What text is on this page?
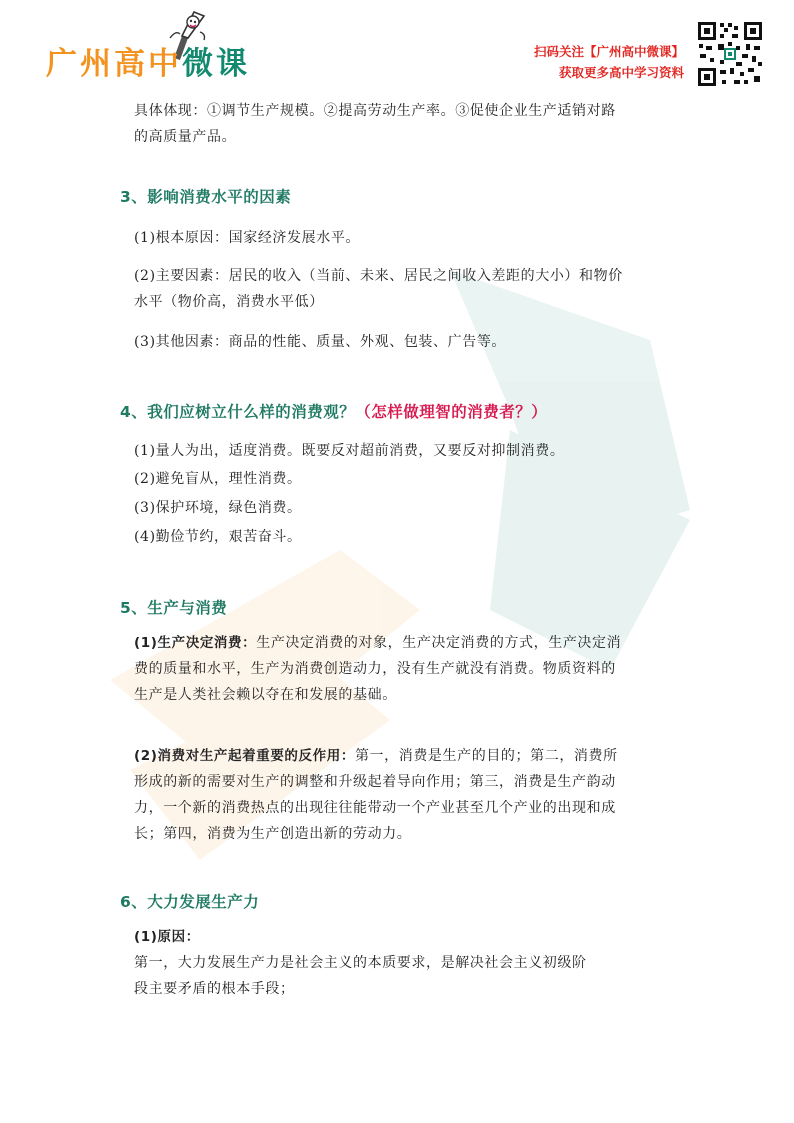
广州高中微课	扫码关注【广州高中微课】
获取更多高中学习资料
具体体现：①调节生产规模。②提高劳动生产率。③促使企业生产适销对路
的高质量产品。
3、影响消费水平的因素
(1)根本原因：国家经济发展水平。
(2)主要因素：居民的收入（当前、未来、居民之间收入差距的大小）和物价
水平（物价高，消费水平低）
(3)其他因素：商品的性能、质量、外观、包装、广告等。
4、我们应树立什么样的消费观？（怎样做理智的消费者？）
(1)量人为出，适度消费。既要反对超前消费，又要反对抑制消费。
(2)避免盲从，理性消费。
(3)保护环境，绿色消费。
(4)勤俭节约，艰苦奋斗。
5、生产与消费
(1)生产决定消费：生产决定消费的对象，生产决定消费的方式，生产决定消
费的质量和水平，生产为消费创造动力，没有生产就没有消费。物质资料的
生产是人类社会赖以夺在和发展的基础。
(2)消费对生产起着重要的反作用：第一，消费是生产的目的；第二，消费所
形成的新的需要对生产的调整和升级起着导向作用；第三，消费是生产韵动
力，一个新的消费热点的出现往往能带动一个产业甚至几个产业的出现和成
长；第四，消费为生产创造出新的劳动力。
6、大力发展生产力
(1)原因：
第一，大力发展生产力是社会主义的本质要求，是解决社会主义初级阶
段主要矛盾的根本手段；
